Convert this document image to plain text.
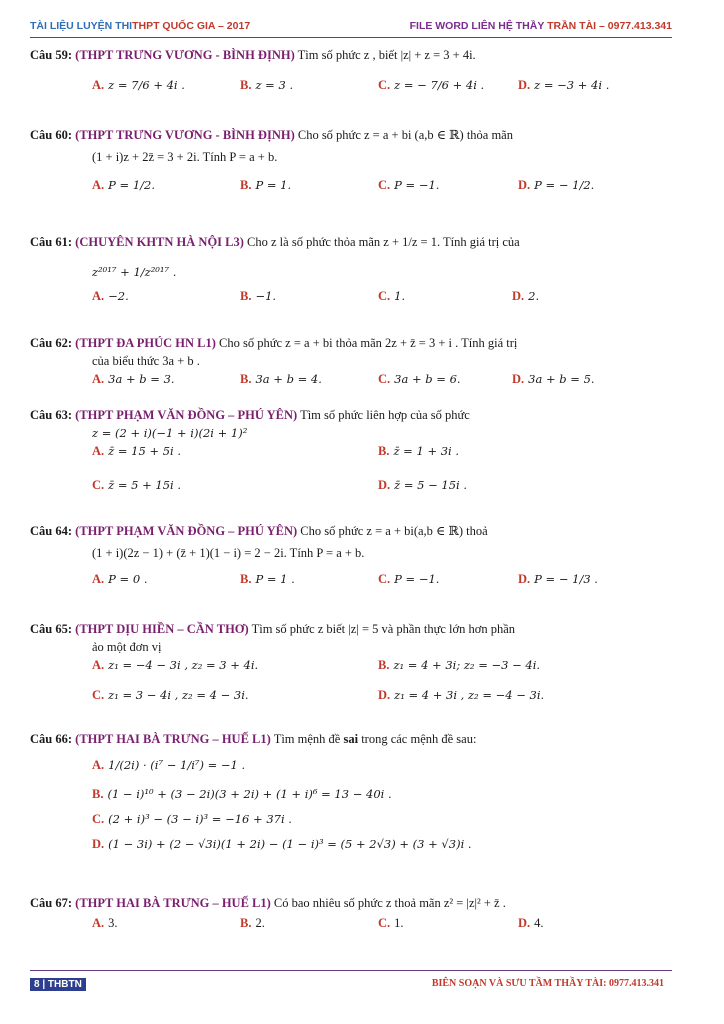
TÀI LIỆU LUYỆN THITHPT QUỐC GIA – 2017	FILE WORD LIÊN HỆ THẦY TRẦN TÀI – 0977.413.341
Câu 59: (THPT TRƯNG VƯƠNG - BÌNH ĐỊNH) Tìm số phức z , biết |z| + z = 3 + 4i.
A. z = 7/6 + 4i .	B. z = 3 .	C. z = − 7/6 + 4i .	D. z = −3 + 4i .
Câu 60: (THPT TRƯNG VƯƠNG - BÌNH ĐỊNH) Cho số phức z = a + bi (a,b ∈ ℝ) thỏa mãn
(1 + i)z + 2z̄ = 3 + 2i. Tính P = a + b.
A. P = 1/2.	B. P = 1.	C. P = −1.	D. P = − 1/2.
Câu 61: (CHUYÊN KHTN HÀ NỘI L3) Cho z là số phức thỏa mãn z + 1/z = 1. Tính giá trị của
z²⁰¹⁷ + 1/z²⁰¹⁷ .
A. −2.	B. −1.	C. 1.	D. 2.
Câu 62: (THPT ĐA PHÚC HN L1) Cho số phức z = a + bi thỏa mãn 2z + z̄ = 3 + i . Tính giá trị
của biểu thức 3a + b .
A. 3a + b = 3.	B. 3a + b = 4.	C. 3a + b = 6.	D. 3a + b = 5.
Câu 63: (THPT PHẠM VĂN ĐỒNG – PHÚ YÊN) Tìm số phức liên hợp của số phức
z = (2 + i)(−1 + i)(2i + 1)²
A. z̄ = 15 + 5i .	B. z̄ = 1 + 3i .
C. z̄ = 5 + 15i .	D. z̄ = 5 − 15i .
Câu 64: (THPT PHẠM VĂN ĐỒNG – PHÚ YÊN) Cho số phức z = a + bi(a,b ∈ ℝ) thoả
(1 + i)(2z − 1) + (z̄ + 1)(1 − i) = 2 − 2i. Tính P = a + b.
A. P = 0 .	B. P = 1 .	C. P = −1.	D. P = − 1/3 .
Câu 65: (THPT DỊU HIỀN – CẦN THƠ) Tìm số phức z biết |z| = 5 và phần thực lớn hơn phần
ảo một đơn vị
A. z₁ = −4 − 3i , z₂ = 3 + 4i.	B. z₁ = 4 + 3i; z₂ = −3 − 4i.
C. z₁ = 3 − 4i , z₂ = 4 − 3i.	D. z₁ = 4 + 3i , z₂ = −4 − 3i.
Câu 66: (THPT HAI BÀ TRƯNG – HUẾ L1) Tìm mệnh đề sai trong các mệnh đề sau:
A. 1/(2i) · (i⁷ − 1/i⁷) = −1 .
B. (1 − i)¹⁰ + (3 − 2i)(3 + 2i) + (1 + i)⁶ = 13 − 40i .
C. (2 + i)³ − (3 − i)³ = −16 + 37i .
D. (1 − 3i) + (2 − √3i)(1 + 2i) − (1 − i)³ = (5 + 2√3) + (3 + √3)i .
Câu 67: (THPT HAI BÀ TRƯNG – HUẾ L1) Có bao nhiêu số phức z thoả mãn z² = |z|² + z̄ .
A. 3.	B. 2.	C. 1.	D. 4.
8 | THBTN	BIÊN SOẠN VÀ SƯU TẦM THẦY TÀI: 0977.413.341
